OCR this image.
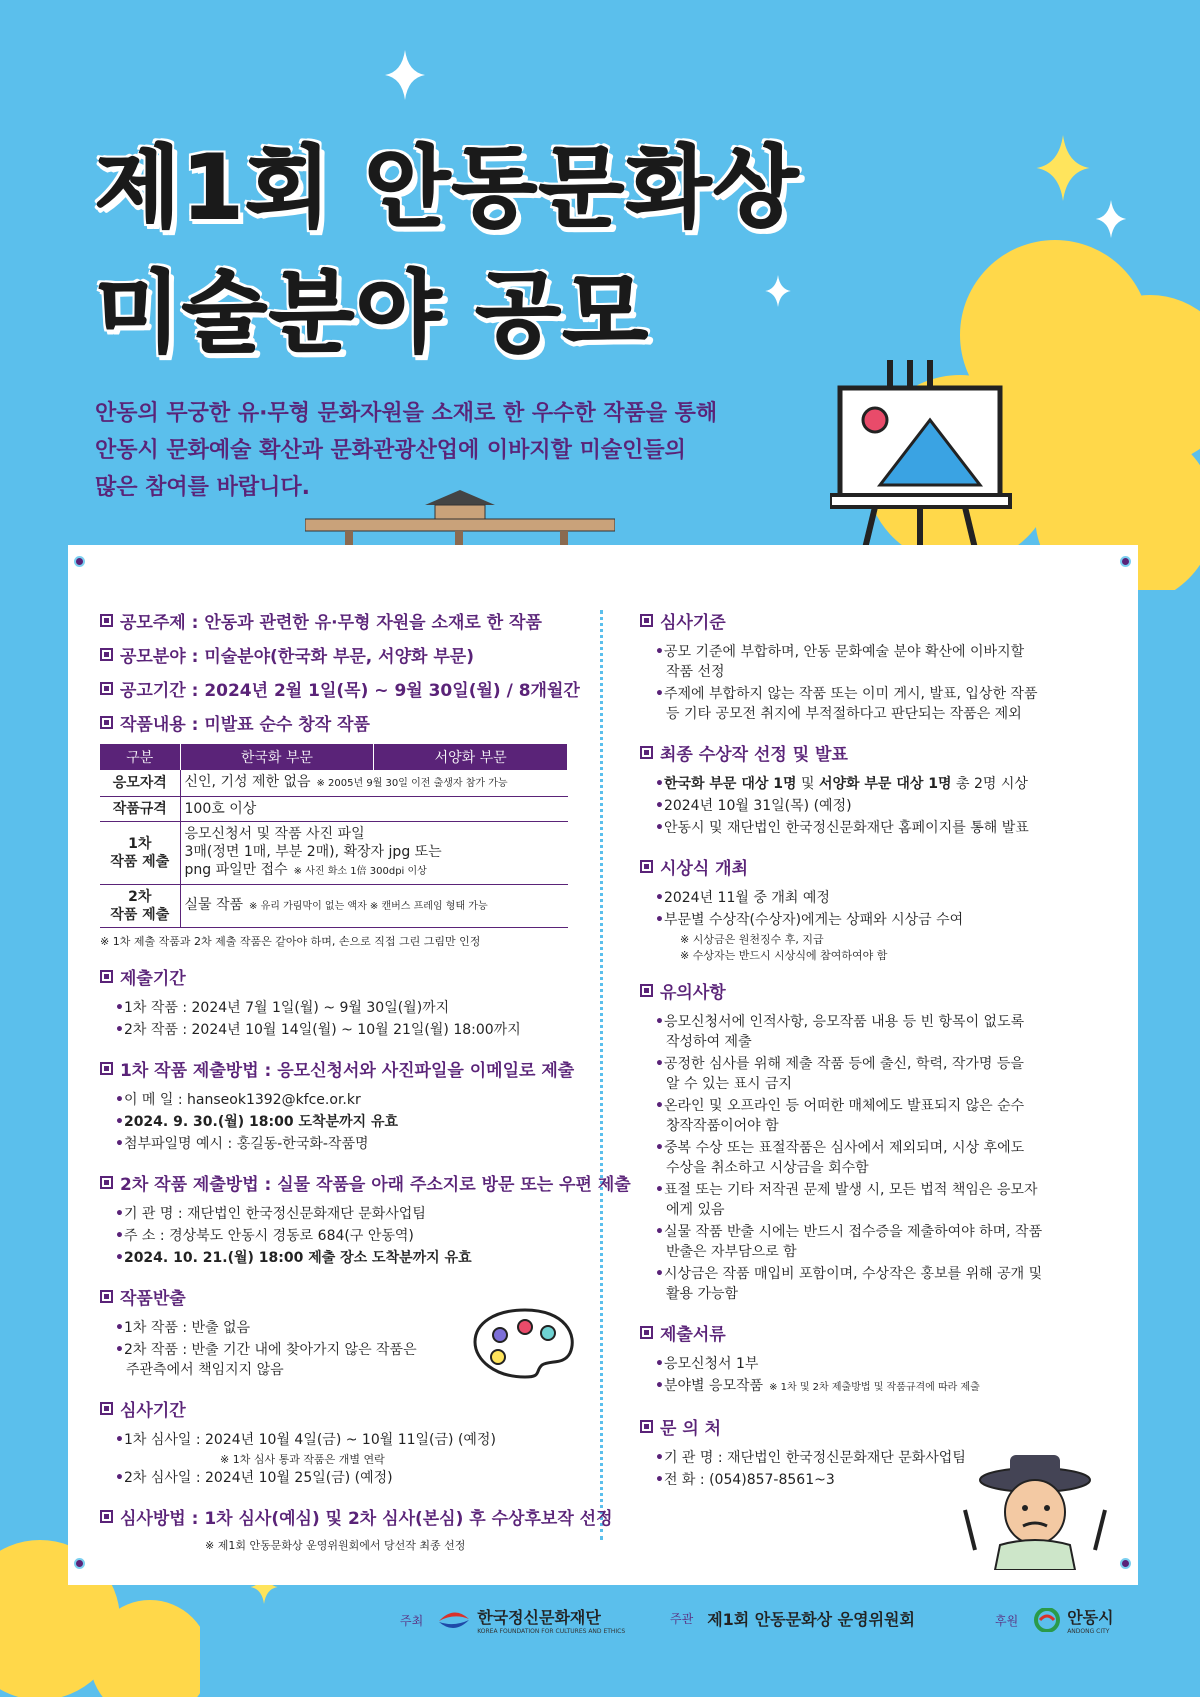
제1회 안동문화상
미술분야 공모
안동의 무궁한 유·무형 문화자원을 소재로 한 우수한 작품을 통해
안동시 문화예술 확산과 문화관광산업에 이바지할 미술인들의
많은 참여를 바랍니다.
공모주제 : 안동과 관련한 유·무형 자원을 소재로 한 작품
공모분야 : 미술분야(한국화 부문, 서양화 부문)
공고기간 : 2024년 2월 1일(목) ~ 9월 30일(월) / 8개월간
작품내용 : 미발표 순수 창작 작품
구분	한국화 부문	서양화 부문
응모자격	신인, 기성 제한 없음 ※ 2005년 9월 30일 이전 출생자 참가 가능	
작품규격	100호 이상	
1차
작품 제출	응모신청서 및 작품 사진 파일
3매(정면 1매, 부분 2매), 확장자 jpg 또는
png 파일만 접수 ※ 사진 화소 1倍 300dpi 이상	
2차
작품 제출	실물 작품 ※ 유리 가림막이 없는 액자 ※ 캔버스 프레임 형태 가능	
※ 1차 제출 작품과 2차 제출 작품은 같아야 하며, 손으로 직접 그린 그림만 인정
제출기간
•1차 작품 : 2024년 7월 1일(월) ~ 9월 30일(월)까지
•2차 작품 : 2024년 10월 14일(월) ~ 10월 21일(월) 18:00까지
1차 작품 제출방법 : 응모신청서와 사진파일을 이메일로 제출
•이 메 일 : hanseok1392@kfce.or.kr
•2024. 9. 30.(월) 18:00 도착분까지 유효
•첨부파일명 예시 : 홍길동-한국화-작품명
2차 작품 제출방법 : 실물 작품을 아래 주소지로 방문 또는 우편 제출
•기 관 명 : 재단법인 한국정신문화재단 문화사업팀
•주 소 : 경상북도 안동시 경동로 684(구 안동역)
•2024. 10. 21.(월) 18:00 제출 장소 도착분까지 유효
작품반출
•1차 작품 : 반출 없음
•2차 작품 : 반출 기간 내에 찾아가지 않은 작품은
주관측에서 책임지지 않음
심사기간
•1차 심사일 : 2024년 10월 4일(금) ~ 10월 11일(금) (예정)
※ 1차 심사 통과 작품은 개별 연락
•2차 심사일 : 2024년 10월 25일(금) (예정)
심사방법 : 1차 심사(예심) 및 2차 심사(본심) 후 수상후보작 선정
※ 제1회 안동문화상 운영위원회에서 당선작 최종 선정
심사기준
•공모 기준에 부합하며, 안동 문화예술 분야 확산에 이바지할
작품 선정
•주제에 부합하지 않는 작품 또는 이미 게시, 발표, 입상한 작품
등 기타 공모전 취지에 부적절하다고 판단되는 작품은 제외
최종 수상작 선정 및 발표
•한국화 부문 대상 1명 및 서양화 부문 대상 1명 총 2명 시상
•2024년 10월 31일(목) (예정)
•안동시 및 재단법인 한국정신문화재단 홈페이지를 통해 발표
시상식 개최
•2024년 11월 중 개최 예정
•부문별 수상작(수상자)에게는 상패와 시상금 수여
※ 시상금은 원천징수 후, 지급
※ 수상자는 반드시 시상식에 참여하여야 함
유의사항
•응모신청서에 인적사항, 응모작품 내용 등 빈 항목이 없도록
작성하여 제출
•공정한 심사를 위해 제출 작품 등에 출신, 학력, 작가명 등을
알 수 있는 표시 금지
•온라인 및 오프라인 등 어떠한 매체에도 발표되지 않은 순수
창작작품이어야 함
•중복 수상 또는 표절작품은 심사에서 제외되며, 시상 후에도
수상을 취소하고 시상금을 회수함
•표절 또는 기타 저작권 문제 발생 시, 모든 법적 책임은 응모자
에게 있음
•실물 작품 반출 시에는 반드시 접수증을 제출하여야 하며, 작품
반출은 자부담으로 함
•시상금은 작품 매입비 포함이며, 수상작은 홍보를 위해 공개 및
활용 가능함
제출서류
•응모신청서 1부
•분야별 응모작품 ※ 1차 및 2차 제출방법 및 작품규격에 따라 제출
문 의 처
•기 관 명 : 재단법인 한국정신문화재단 문화사업팀
•전 화 : (054)857-8561~3
주최	한국정신문화재단
KOREA FOUNDATION FOR CULTURES AND ETHICS
주관 제1회 안동문화상 운영위원회	후원	안동시
ANDONG CITY
